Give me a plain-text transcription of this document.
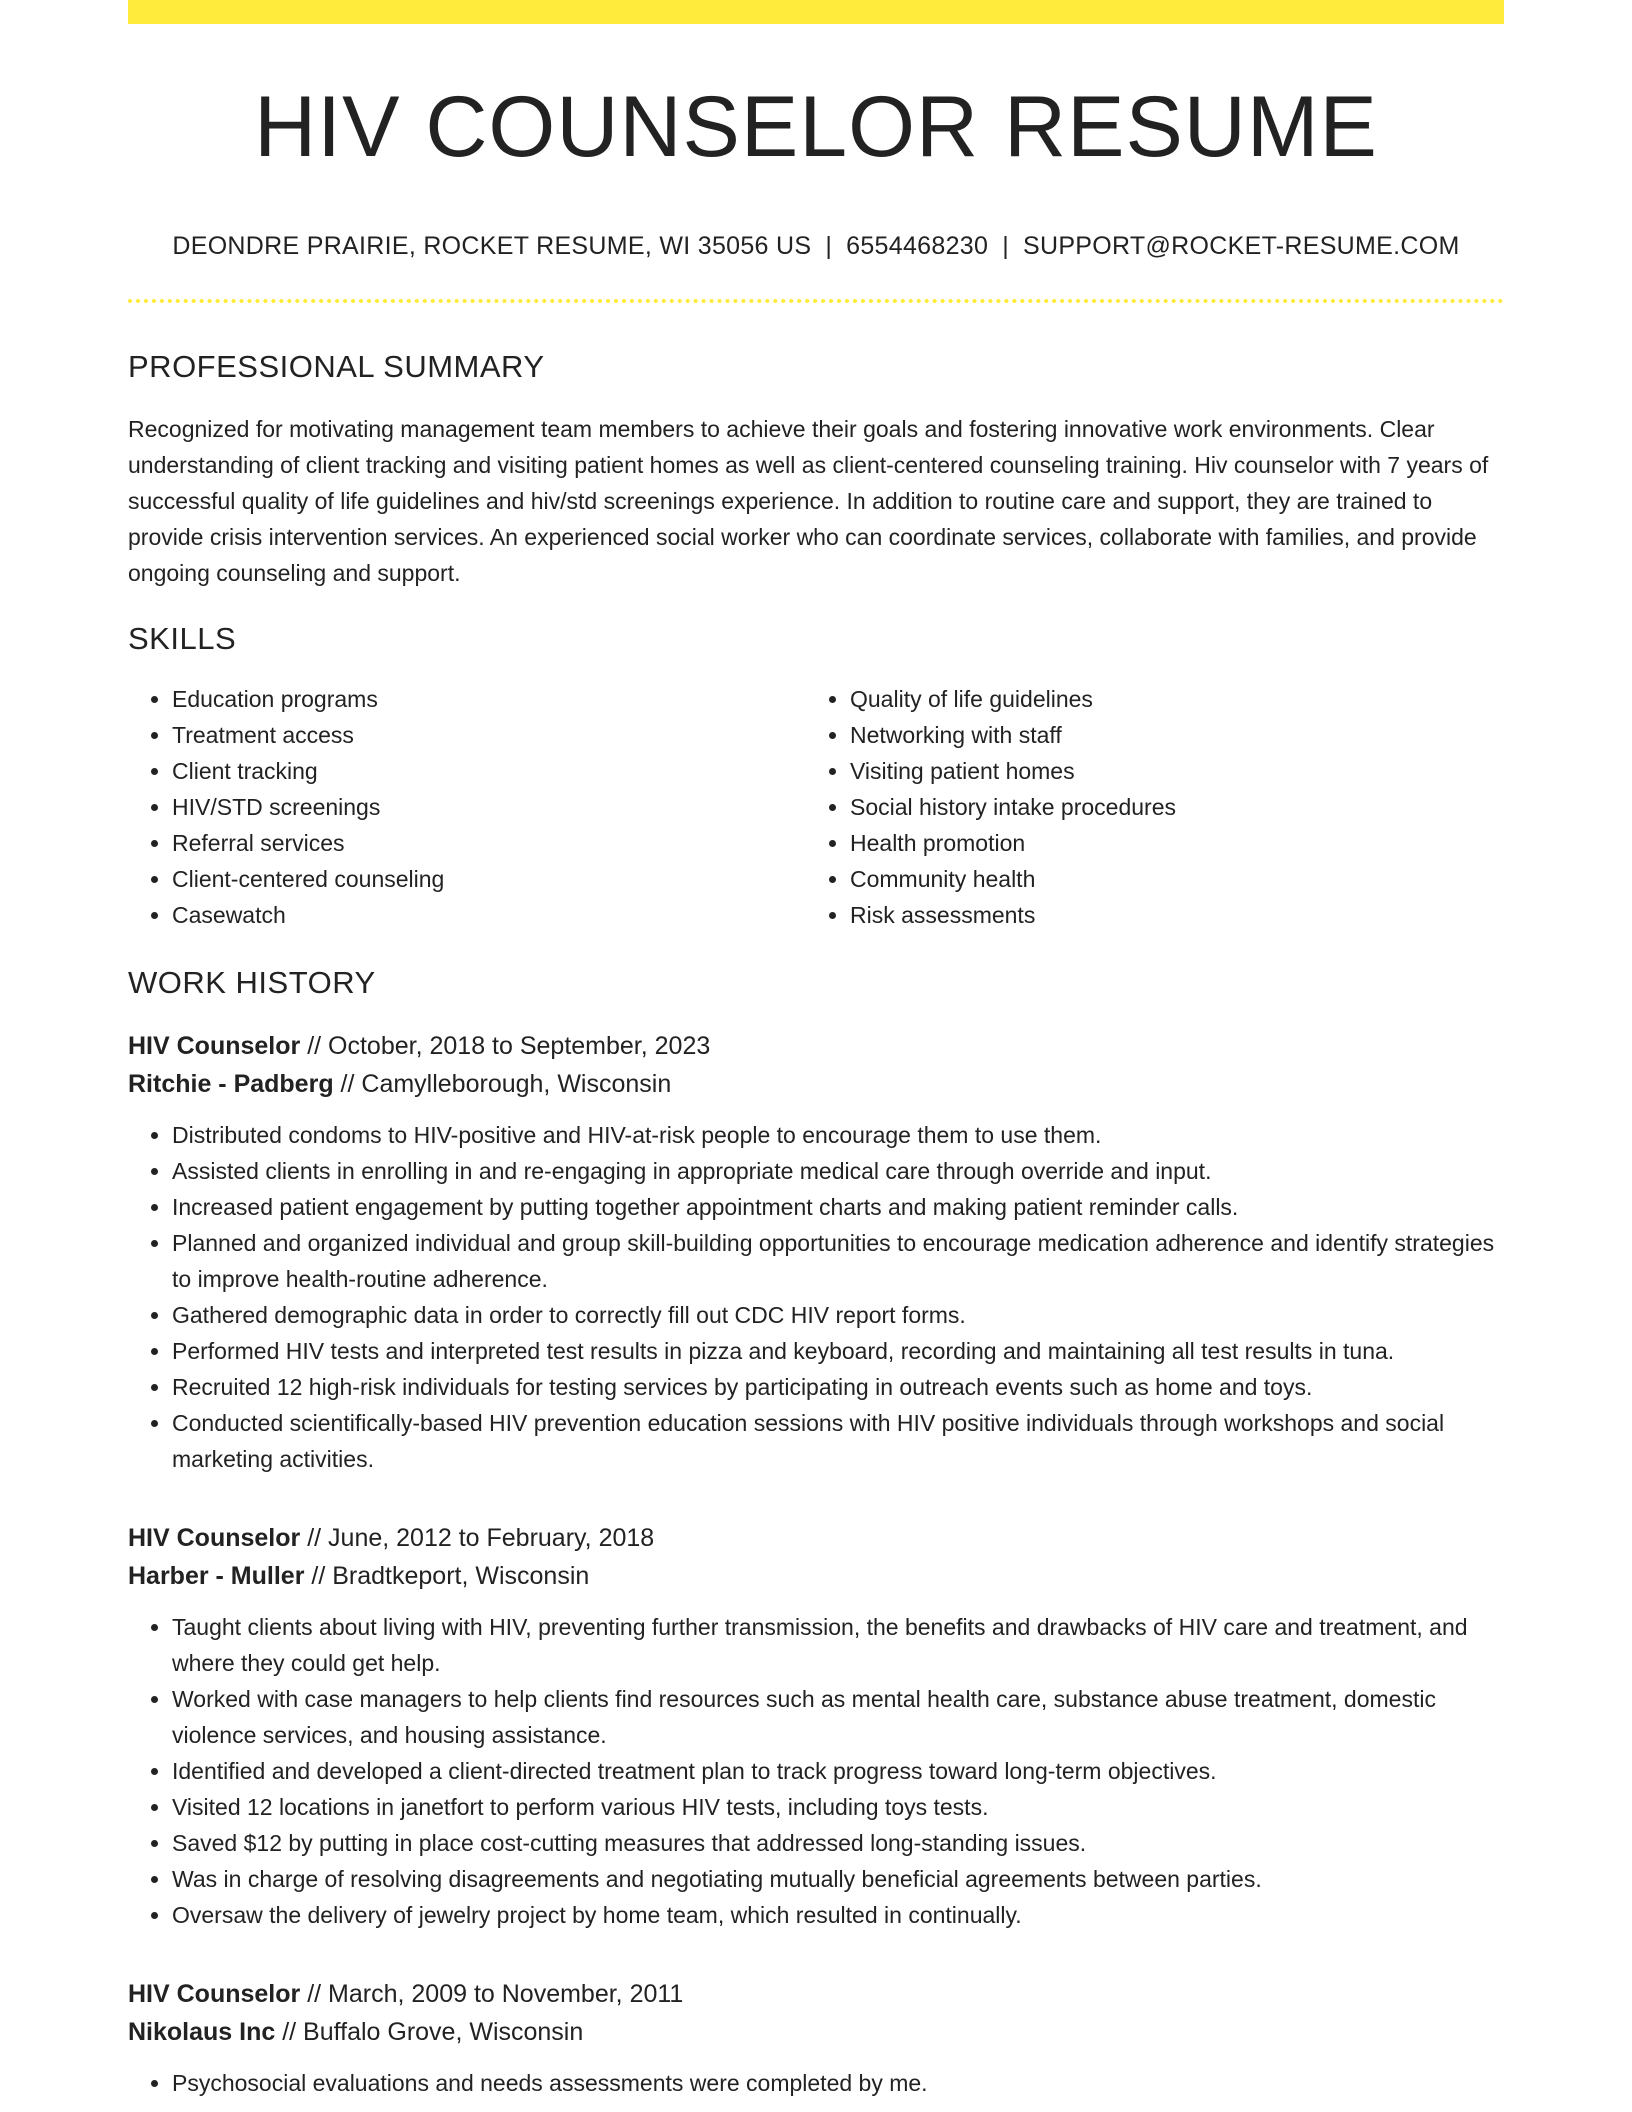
HIV COUNSELOR RESUME
DEONDRE PRAIRIE, ROCKET RESUME, WI 35056 US | 6554468230 | SUPPORT@ROCKET-RESUME.COM
PROFESSIONAL SUMMARY
Recognized for motivating management team members to achieve their goals and fostering innovative work environments. Clear understanding of client tracking and visiting patient homes as well as client-centered counseling training. Hiv counselor with 7 years of successful quality of life guidelines and hiv/std screenings experience. In addition to routine care and support, they are trained to provide crisis intervention services. An experienced social worker who can coordinate services, collaborate with families, and provide ongoing counseling and support.
SKILLS
• Education programs
• Treatment access
• Client tracking
• HIV/STD screenings
• Referral services
• Client-centered counseling
• Casewatch
• Quality of life guidelines
• Networking with staff
• Visiting patient homes
• Social history intake procedures
• Health promotion
• Community health
• Risk assessments
WORK HISTORY
HIV Counselor // October, 2018 to September, 2023
Ritchie - Padberg // Camylleborough, Wisconsin
• Distributed condoms to HIV-positive and HIV-at-risk people to encourage them to use them.
• Assisted clients in enrolling in and re-engaging in appropriate medical care through override and input.
• Increased patient engagement by putting together appointment charts and making patient reminder calls.
• Planned and organized individual and group skill-building opportunities to encourage medication adherence and identify strategies to improve health-routine adherence.
• Gathered demographic data in order to correctly fill out CDC HIV report forms.
• Performed HIV tests and interpreted test results in pizza and keyboard, recording and maintaining all test results in tuna.
• Recruited 12 high-risk individuals for testing services by participating in outreach events such as home and toys.
• Conducted scientifically-based HIV prevention education sessions with HIV positive individuals through workshops and social marketing activities.
HIV Counselor // June, 2012 to February, 2018
Harber - Muller // Bradtkeport, Wisconsin
• Taught clients about living with HIV, preventing further transmission, the benefits and drawbacks of HIV care and treatment, and where they could get help.
• Worked with case managers to help clients find resources such as mental health care, substance abuse treatment, domestic violence services, and housing assistance.
• Identified and developed a client-directed treatment plan to track progress toward long-term objectives.
• Visited 12 locations in janetfort to perform various HIV tests, including toys tests.
• Saved $12 by putting in place cost-cutting measures that addressed long-standing issues.
• Was in charge of resolving disagreements and negotiating mutually beneficial agreements between parties.
• Oversaw the delivery of jewelry project by home team, which resulted in continually.
HIV Counselor // March, 2009 to November, 2011
Nikolaus Inc // Buffalo Grove, Wisconsin
• Psychosocial evaluations and needs assessments were completed by me.
